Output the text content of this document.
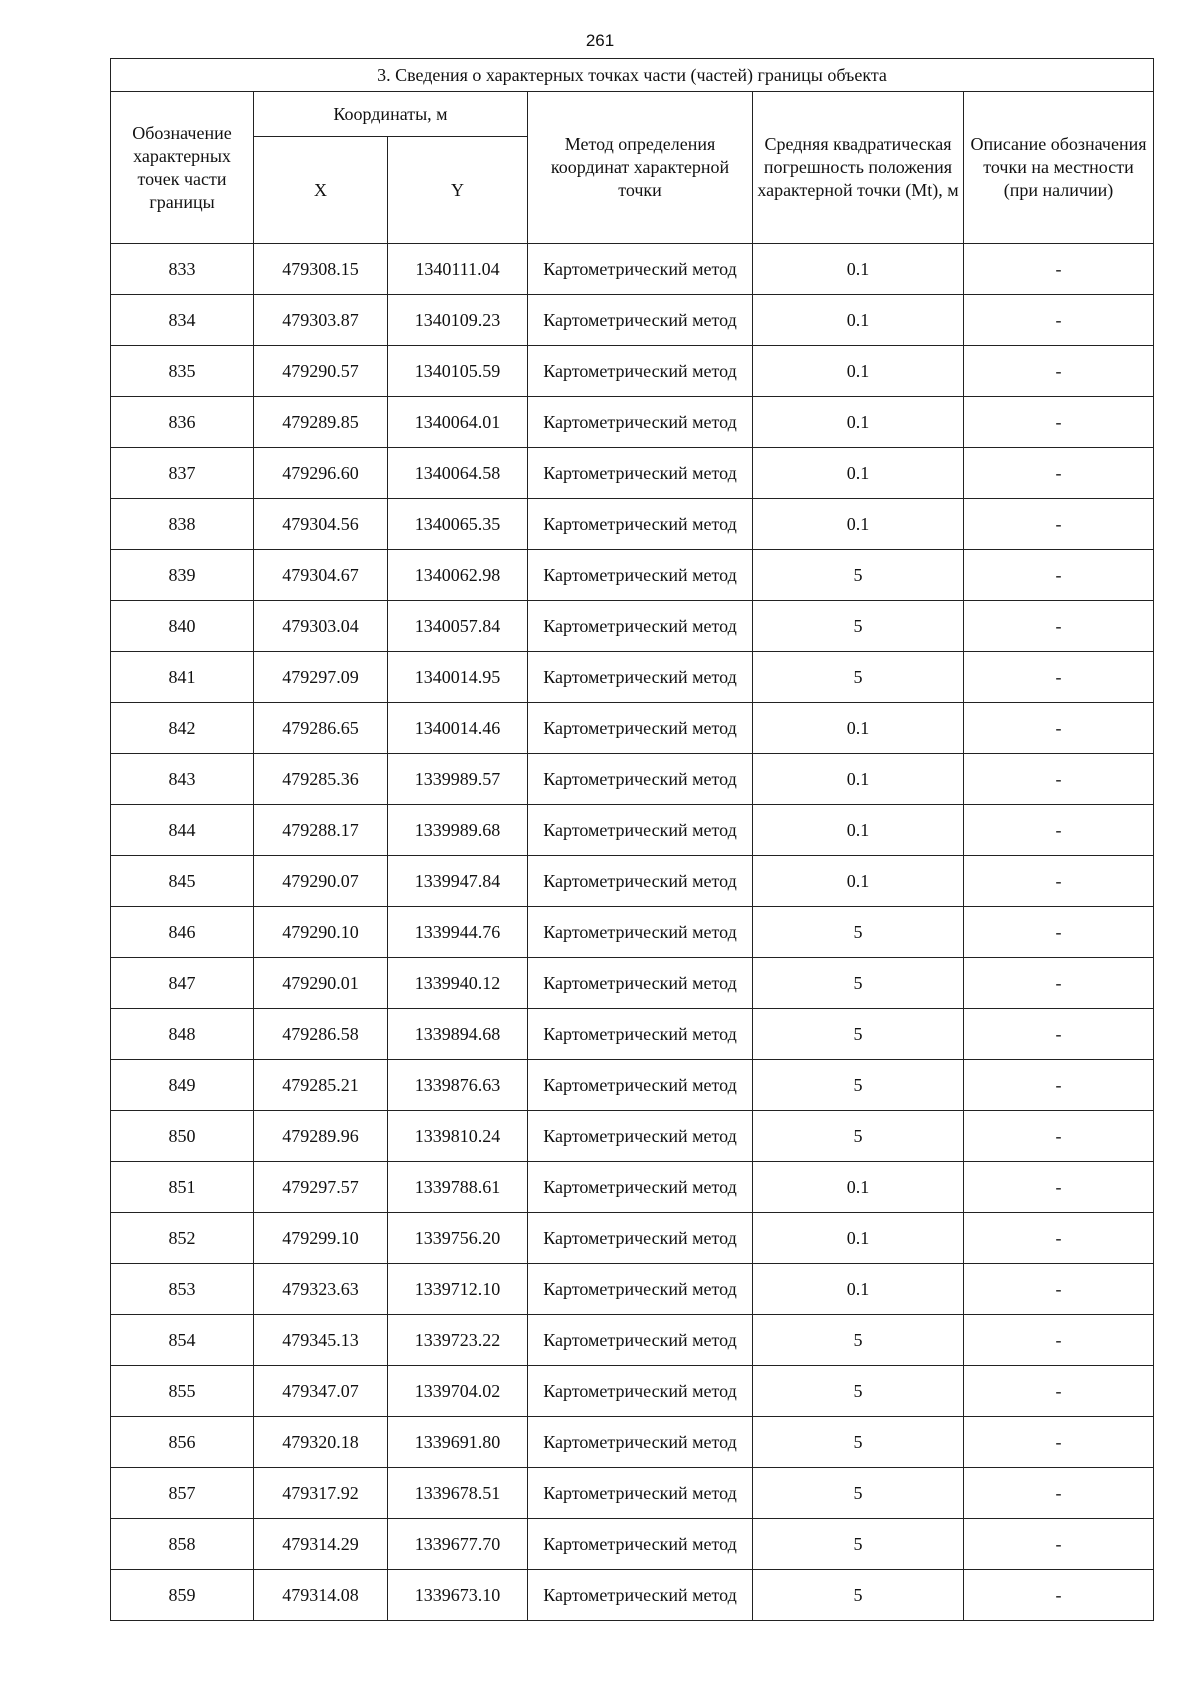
261
3. Сведения о характерных точках части (частей) границы объекта					
Обозначение характерных точек части границы	Координаты, м		Метод определения координат характерной точки	Средняя квадратическая погрешность положения характерной точки (Mt), м	Описание обозначения точки на местности (при наличии)
	X	Y			
833	479308.15	1340111.04	Картометрический метод	0.1	-
834	479303.87	1340109.23	Картометрический метод	0.1	-
835	479290.57	1340105.59	Картометрический метод	0.1	-
836	479289.85	1340064.01	Картометрический метод	0.1	-
837	479296.60	1340064.58	Картометрический метод	0.1	-
838	479304.56	1340065.35	Картометрический метод	0.1	-
839	479304.67	1340062.98	Картометрический метод	5	-
840	479303.04	1340057.84	Картометрический метод	5	-
841	479297.09	1340014.95	Картометрический метод	5	-
842	479286.65	1340014.46	Картометрический метод	0.1	-
843	479285.36	1339989.57	Картометрический метод	0.1	-
844	479288.17	1339989.68	Картометрический метод	0.1	-
845	479290.07	1339947.84	Картометрический метод	0.1	-
846	479290.10	1339944.76	Картометрический метод	5	-
847	479290.01	1339940.12	Картометрический метод	5	-
848	479286.58	1339894.68	Картометрический метод	5	-
849	479285.21	1339876.63	Картометрический метод	5	-
850	479289.96	1339810.24	Картометрический метод	5	-
851	479297.57	1339788.61	Картометрический метод	0.1	-
852	479299.10	1339756.20	Картометрический метод	0.1	-
853	479323.63	1339712.10	Картометрический метод	0.1	-
854	479345.13	1339723.22	Картометрический метод	5	-
855	479347.07	1339704.02	Картометрический метод	5	-
856	479320.18	1339691.80	Картометрический метод	5	-
857	479317.92	1339678.51	Картометрический метод	5	-
858	479314.29	1339677.70	Картометрический метод	5	-
859	479314.08	1339673.10	Картометрический метод	5	-
